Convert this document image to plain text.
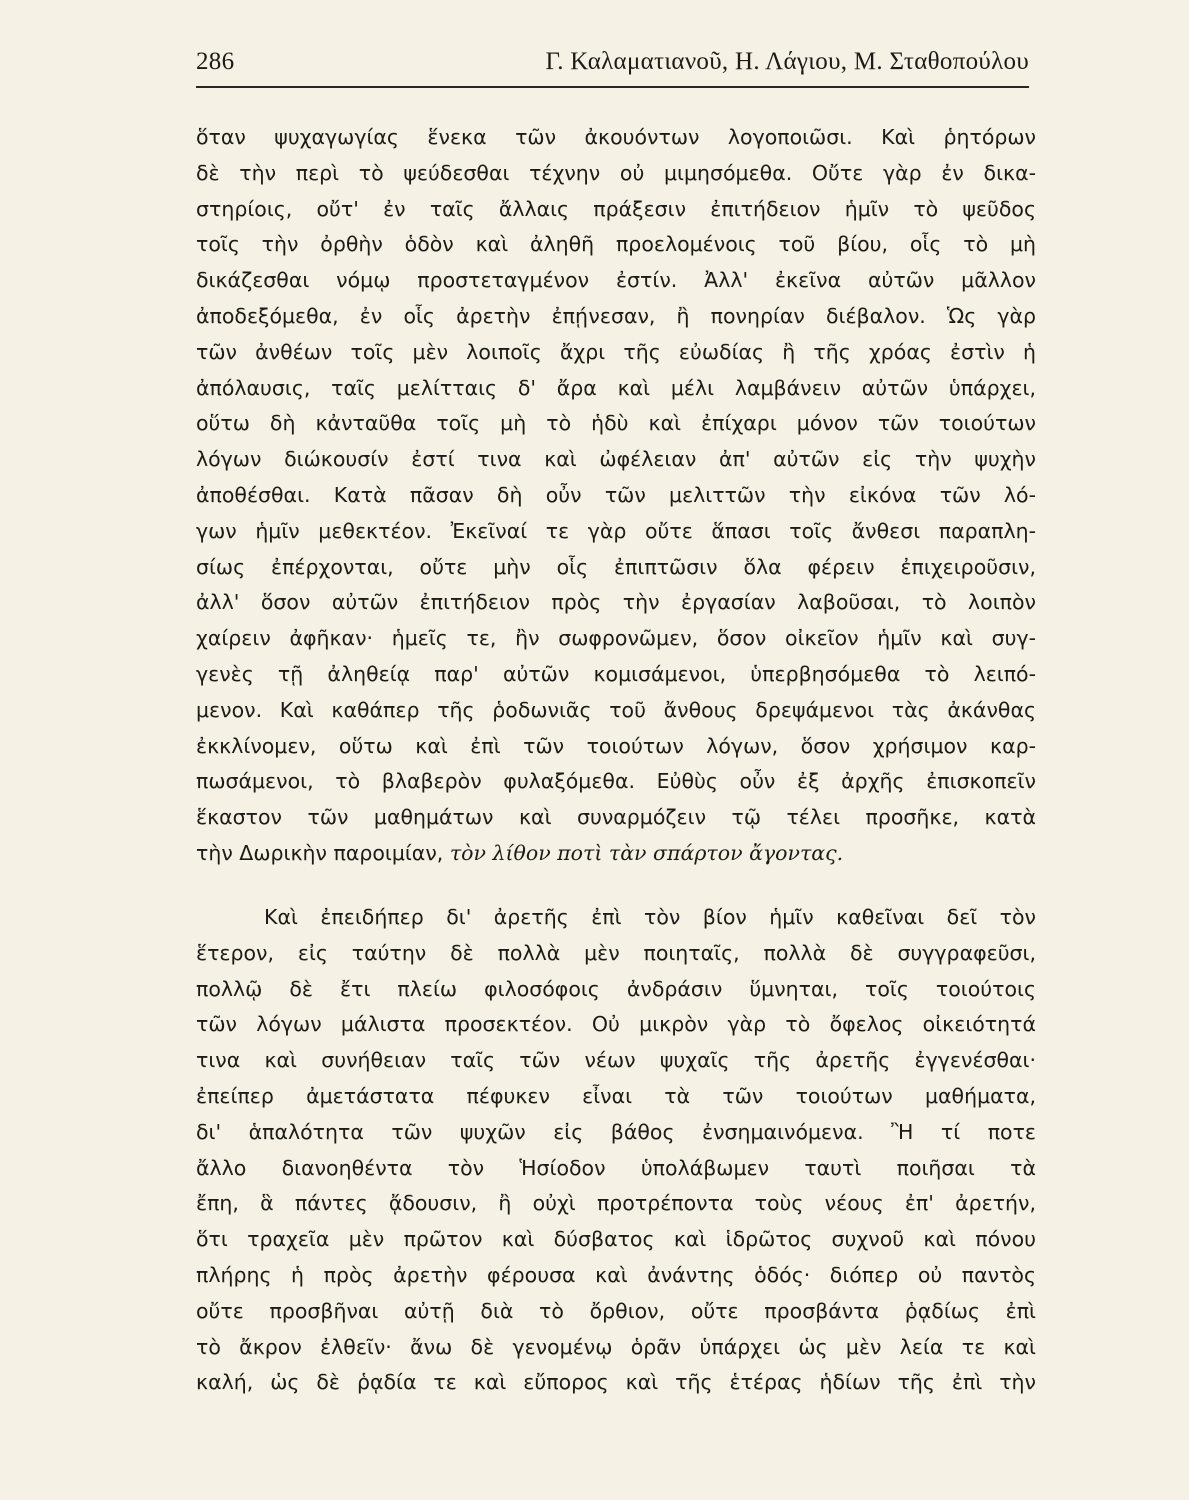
286	Γ. Καλαματιανοῦ, Η. Λάγιου, Μ. Σταθοπούλου
ὅταν ψυχαγωγίας ἕνεκα τῶν ἀκουόντων λογοποιῶσι. Καὶ ῥητόρων
δὲ τὴν περὶ τὸ ψεύδεσθαι τέχνην οὐ μιμησόμεθα. Οὔτε γὰρ ἐν δικα-
στηρίοις, οὔτ' ἐν ταῖς ἄλλαις πράξεσιν ἐπιτήδειον ἡμῖν τὸ ψεῦδος
τοῖς τὴν ὀρθὴν ὁδὸν καὶ ἀληθῆ προελομένοις τοῦ βίου, οἷς τὸ μὴ
δικάζεσθαι νόμῳ προστεταγμένον ἐστίν. Ἀλλ' ἐκεῖνα αὐτῶν μᾶλλον
ἀποδεξόμεθα, ἐν οἷς ἀρετὴν ἐπῄνεσαν, ἢ πονηρίαν διέβαλον. Ὡς γὰρ
τῶν ἀνθέων τοῖς μὲν λοιποῖς ἄχρι τῆς εὐωδίας ἢ τῆς χρόας ἐστὶν ἡ
ἀπόλαυσις, ταῖς μελίτταις δ' ἄρα καὶ μέλι λαμβάνειν αὐτῶν ὑπάρχει,
οὕτω δὴ κἀνταῦθα τοῖς μὴ τὸ ἡδὺ καὶ ἐπίχαρι μόνον τῶν τοιούτων
λόγων διώκουσίν ἐστί τινα καὶ ὠφέλειαν ἀπ' αὐτῶν εἰς τὴν ψυχὴν
ἀποθέσθαι. Κατὰ πᾶσαν δὴ οὖν τῶν μελιττῶν τὴν εἰκόνα τῶν λό-
γων ἡμῖν μεθεκτέον. Ἐκεῖναί τε γὰρ οὔτε ἅπασι τοῖς ἄνθεσι παραπλη-
σίως ἐπέρχονται, οὔτε μὴν οἷς ἐπιπτῶσιν ὅλα φέρειν ἐπιχειροῦσιν,
ἀλλ' ὅσον αὐτῶν ἐπιτήδειον πρὸς τὴν ἐργασίαν λαβοῦσαι, τὸ λοιπὸν
χαίρειν ἀφῆκαν· ἡμεῖς τε, ἢν σωφρονῶμεν, ὅσον οἰκεῖον ἡμῖν καὶ συγ-
γενὲς τῇ ἀληθείᾳ παρ' αὐτῶν κομισάμενοι, ὑπερβησόμεθα τὸ λειπό-
μενον. Καὶ καθάπερ τῆς ῥοδωνιᾶς τοῦ ἄνθους δρεψάμενοι τὰς ἀκάνθας
ἐκκλίνομεν, οὕτω καὶ ἐπὶ τῶν τοιούτων λόγων, ὅσον χρήσιμον καρ-
πωσάμενοι, τὸ βλαβερὸν φυλαξόμεθα. Εὐθὺς οὖν ἐξ ἀρχῆς ἐπισκοπεῖν
ἕκαστον τῶν μαθημάτων καὶ συναρμόζειν τῷ τέλει προσῆκε, κατὰ
τὴν Δωρικὴν παροιμίαν, τὸν λίθον ποτὶ τὰν σπάρτον ἄγοντας.
Καὶ ἐπειδήπερ δι' ἀρετῆς ἐπὶ τὸν βίον ἡμῖν καθεῖναι δεῖ τὸν
ἕτερον, εἰς ταύτην δὲ πολλὰ μὲν ποιηταῖς, πολλὰ δὲ συγγραφεῦσι,
πολλῷ δὲ ἔτι πλείω φιλοσόφοις ἀνδράσιν ὕμνηται, τοῖς τοιούτοις
τῶν λόγων μάλιστα προσεκτέον. Οὐ μικρὸν γὰρ τὸ ὄφελος οἰκειότητά
τινα καὶ συνήθειαν ταῖς τῶν νέων ψυχαῖς τῆς ἀρετῆς ἐγγενέσθαι·
ἐπείπερ ἀμετάστατα πέφυκεν εἶναι τὰ τῶν τοιούτων μαθήματα,
δι' ἁπαλότητα τῶν ψυχῶν εἰς βάθος ἐνσημαινόμενα. Ἢ τί ποτε
ἄλλο διανοηθέντα τὸν Ἡσίοδον ὑπολάβωμεν ταυτὶ ποιῆσαι τὰ
ἔπη, ἃ πάντες ᾄδουσιν, ἢ οὐχὶ προτρέποντα τοὺς νέους ἐπ' ἀρετήν,
ὅτι τραχεῖα μὲν πρῶτον καὶ δύσβατος καὶ ἱδρῶτος συχνοῦ καὶ πόνου
πλήρης ἡ πρὸς ἀρετὴν φέρουσα καὶ ἀνάντης ὁδός· διόπερ οὐ παντὸς
οὔτε προσβῆναι αὐτῇ διὰ τὸ ὄρθιον, οὔτε προσβάντα ῥᾳδίως ἐπὶ
τὸ ἄκρον ἐλθεῖν· ἄνω δὲ γενομένῳ ὁρᾶν ὑπάρχει ὡς μὲν λεία τε καὶ
καλή, ὡς δὲ ῥᾳδία τε καὶ εὔπορος καὶ τῆς ἑτέρας ἡδίων τῆς ἐπὶ τὴν
